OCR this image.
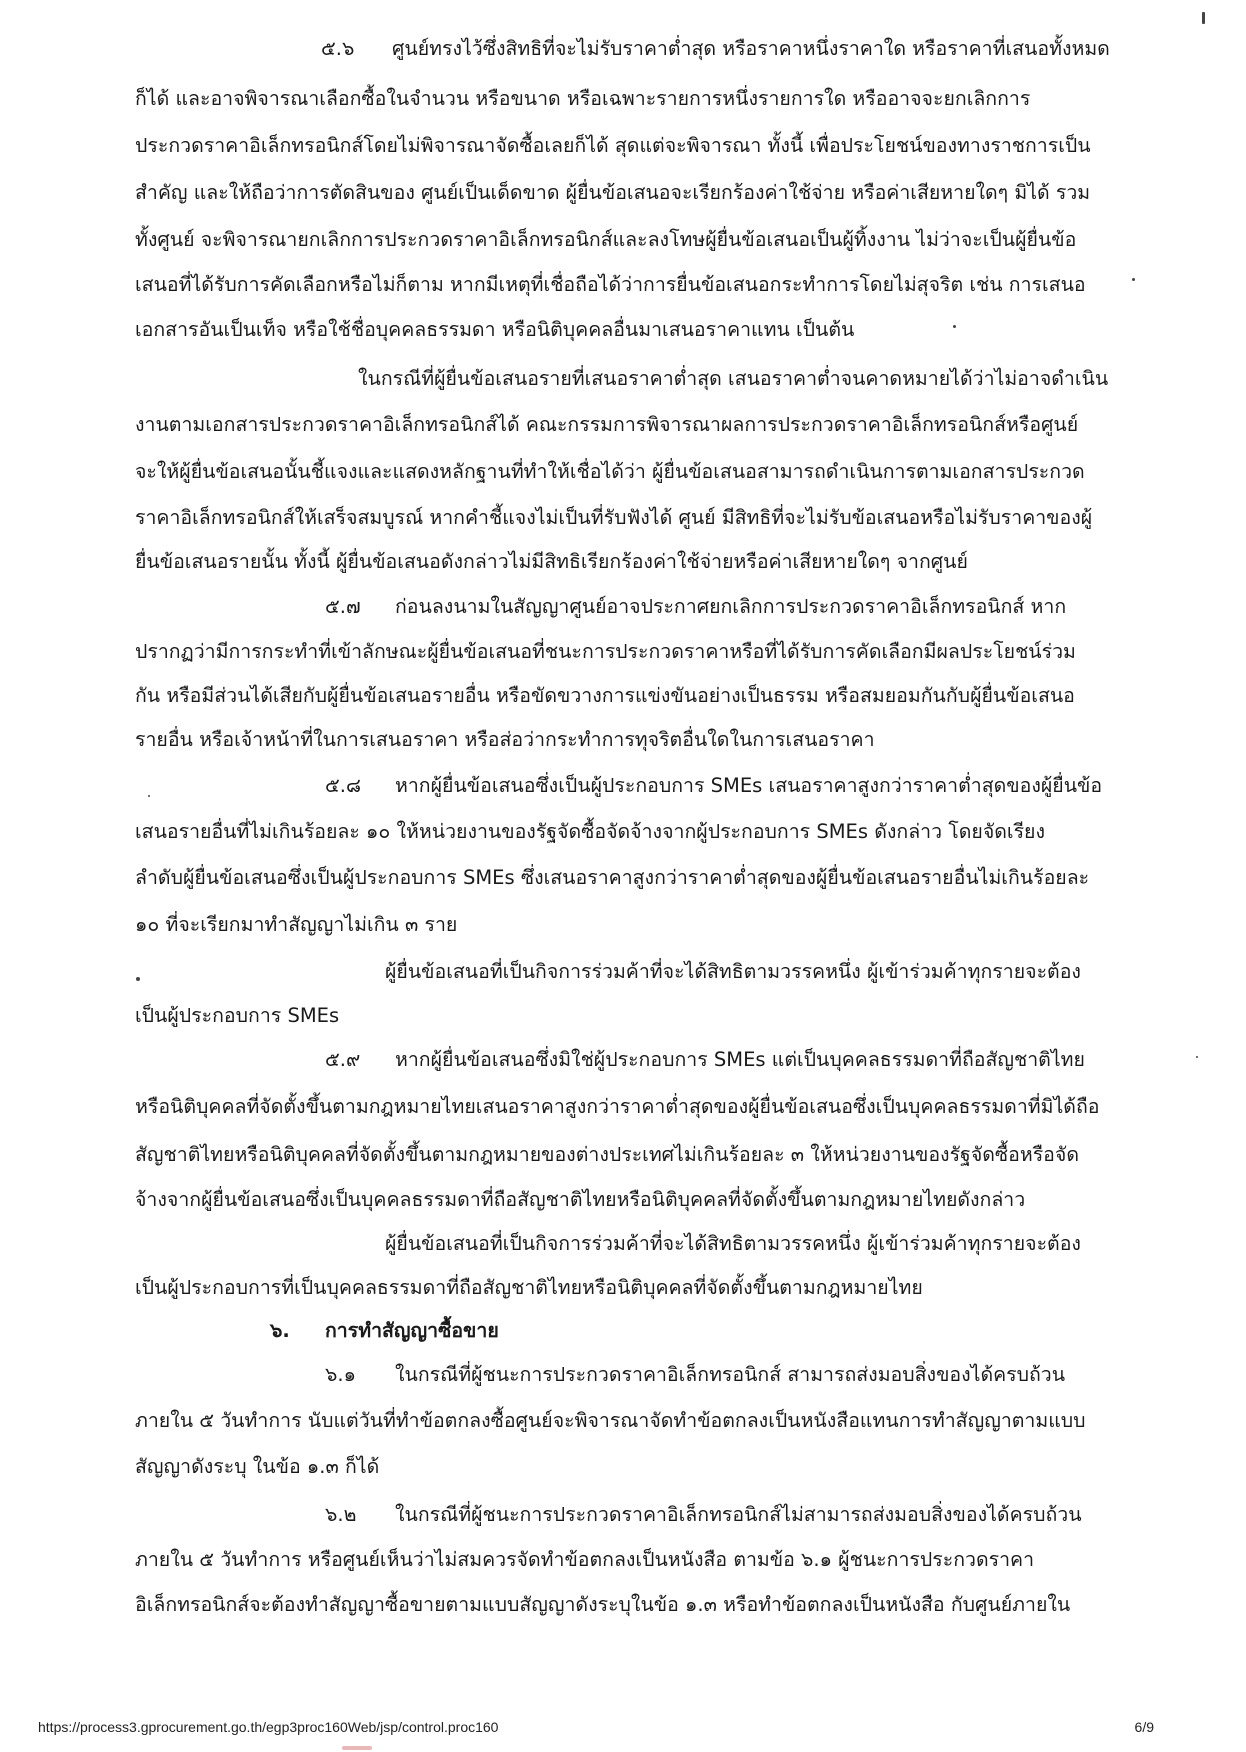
๕.๖ ศูนย์ทรงไว้ซึ่งสิทธิที่จะไม่รับราคาต่ำสุด หรือราคาหนึ่งราคาใด หรือราคาที่เสนอทั้งหมด
ก็ได้ และอาจพิจารณาเลือกซื้อในจำนวน หรือขนาด หรือเฉพาะรายการหนึ่งรายการใด หรืออาจจะยกเลิกการ
ประกวดราคาอิเล็กทรอนิกส์โดยไม่พิจารณาจัดซื้อเลยก็ได้ สุดแต่จะพิจารณา ทั้งนี้ เพื่อประโยชน์ของทางราชการเป็น
สำคัญ และให้ถือว่าการตัดสินของ ศูนย์เป็นเด็ดขาด ผู้ยื่นข้อเสนอจะเรียกร้องค่าใช้จ่าย หรือค่าเสียหายใดๆ มิได้ รวม
ทั้งศูนย์ จะพิจารณายกเลิกการประกวดราคาอิเล็กทรอนิกส์และลงโทษผู้ยื่นข้อเสนอเป็นผู้ทิ้งงาน ไม่ว่าจะเป็นผู้ยื่นข้อ
เสนอที่ได้รับการคัดเลือกหรือไม่ก็ตาม หากมีเหตุที่เชื่อถือได้ว่าการยื่นข้อเสนอกระทำการโดยไม่สุจริต เช่น การเสนอ
เอกสารอันเป็นเท็จ หรือใช้ชื่อบุคคลธรรมดา หรือนิติบุคคลอื่นมาเสนอราคาแทน เป็นต้น
ในกรณีที่ผู้ยื่นข้อเสนอรายที่เสนอราคาต่ำสุด เสนอราคาต่ำจนคาดหมายได้ว่าไม่อาจดำเนิน
งานตามเอกสารประกวดราคาอิเล็กทรอนิกส์ได้ คณะกรรมการพิจารณาผลการประกวดราคาอิเล็กทรอนิกส์หรือศูนย์
จะให้ผู้ยื่นข้อเสนอนั้นชี้แจงและแสดงหลักฐานที่ทำให้เชื่อได้ว่า ผู้ยื่นข้อเสนอสามารถดำเนินการตามเอกสารประกวด
ราคาอิเล็กทรอนิกส์ให้เสร็จสมบูรณ์ หากคำชี้แจงไม่เป็นที่รับฟังได้ ศูนย์ มีสิทธิที่จะไม่รับข้อเสนอหรือไม่รับราคาของผู้
ยื่นข้อเสนอรายนั้น ทั้งนี้ ผู้ยื่นข้อเสนอดังกล่าวไม่มีสิทธิเรียกร้องค่าใช้จ่ายหรือค่าเสียหายใดๆ จากศูนย์
๕.๗ ก่อนลงนามในสัญญาศูนย์อาจประกาศยกเลิกการประกวดราคาอิเล็กทรอนิกส์ หาก
ปรากฏว่ามีการกระทำที่เข้าลักษณะผู้ยื่นข้อเสนอที่ชนะการประกวดราคาหรือที่ได้รับการคัดเลือกมีผลประโยชน์ร่วม
กัน หรือมีส่วนได้เสียกับผู้ยื่นข้อเสนอรายอื่น หรือขัดขวางการแข่งขันอย่างเป็นธรรม หรือสมยอมกันกับผู้ยื่นข้อเสนอ
รายอื่น หรือเจ้าหน้าที่ในการเสนอราคา หรือส่อว่ากระทำการทุจริตอื่นใดในการเสนอราคา
๕.๘ หากผู้ยื่นข้อเสนอซึ่งเป็นผู้ประกอบการ SMEs เสนอราคาสูงกว่าราคาต่ำสุดของผู้ยื่นข้อ
เสนอรายอื่นที่ไม่เกินร้อยละ ๑๐ ให้หน่วยงานของรัฐจัดซื้อจัดจ้างจากผู้ประกอบการ SMEs ดังกล่าว โดยจัดเรียง
ลำดับผู้ยื่นข้อเสนอซึ่งเป็นผู้ประกอบการ SMEs ซึ่งเสนอราคาสูงกว่าราคาต่ำสุดของผู้ยื่นข้อเสนอรายอื่นไม่เกินร้อยละ
๑๐ ที่จะเรียกมาทำสัญญาไม่เกิน ๓ ราย
ผู้ยื่นข้อเสนอที่เป็นกิจการร่วมค้าที่จะได้สิทธิตามวรรคหนึ่ง ผู้เข้าร่วมค้าทุกรายจะต้อง
เป็นผู้ประกอบการ SMEs
๕.๙ หากผู้ยื่นข้อเสนอซึ่งมิใช่ผู้ประกอบการ SMEs แต่เป็นบุคคลธรรมดาที่ถือสัญชาติไทย
หรือนิติบุคคลที่จัดตั้งขึ้นตามกฎหมายไทยเสนอราคาสูงกว่าราคาต่ำสุดของผู้ยื่นข้อเสนอซึ่งเป็นบุคคลธรรมดาที่มิได้ถือ
สัญชาติไทยหรือนิติบุคคลที่จัดตั้งขึ้นตามกฎหมายของต่างประเทศไม่เกินร้อยละ ๓ ให้หน่วยงานของรัฐจัดซื้อหรือจัด
จ้างจากผู้ยื่นข้อเสนอซึ่งเป็นบุคคลธรรมดาที่ถือสัญชาติไทยหรือนิติบุคคลที่จัดตั้งขึ้นตามกฎหมายไทยดังกล่าว
ผู้ยื่นข้อเสนอที่เป็นกิจการร่วมค้าที่จะได้สิทธิตามวรรคหนึ่ง ผู้เข้าร่วมค้าทุกรายจะต้อง
เป็นผู้ประกอบการที่เป็นบุคคลธรรมดาที่ถือสัญชาติไทยหรือนิติบุคคลที่จัดตั้งขึ้นตามกฎหมายไทย
๖. การทำสัญญาซื้อขาย
๖.๑ ในกรณีที่ผู้ชนะการประกวดราคาอิเล็กทรอนิกส์ สามารถส่งมอบสิ่งของได้ครบถ้วน
ภายใน ๕ วันทำการ นับแต่วันที่ทำข้อตกลงซื้อศูนย์จะพิจารณาจัดทำข้อตกลงเป็นหนังสือแทนการทำสัญญาตามแบบ
สัญญาดังระบุ ในข้อ ๑.๓ ก็ได้
๖.๒ ในกรณีที่ผู้ชนะการประกวดราคาอิเล็กทรอนิกส์ไม่สามารถส่งมอบสิ่งของได้ครบถ้วน
ภายใน ๕ วันทำการ หรือศูนย์เห็นว่าไม่สมควรจัดทำข้อตกลงเป็นหนังสือ ตามข้อ ๖.๑ ผู้ชนะการประกวดราคา
อิเล็กทรอนิกส์จะต้องทำสัญญาซื้อขายตามแบบสัญญาดังระบุในข้อ ๑.๓ หรือทำข้อตกลงเป็นหนังสือ กับศูนย์ภายใน
https://process3.gprocurement.go.th/egp3proc160Web/jsp/control.proc160	6/9
